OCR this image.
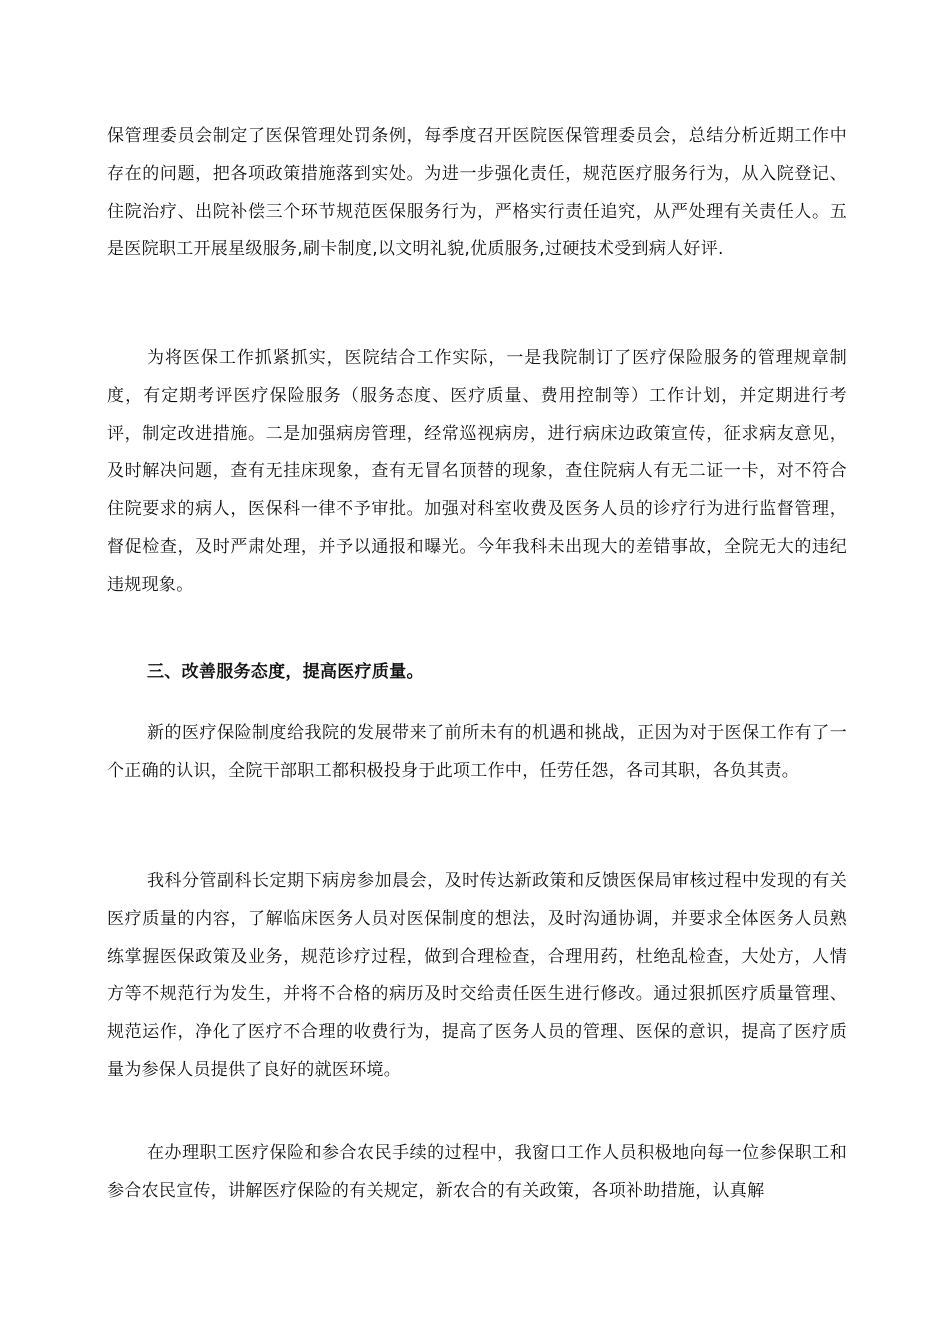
保管理委员会制定了医保管理处罚条例，每季度召开医院医保管理委员会，总结分析近期工作中存在的问题，把各项政策措施落到实处。为进一步强化责任，规范医疗服务行为，从入院登记、住院治疗、出院补偿三个环节规范医保服务行为，严格实行责任追究，从严处理有关责任人。五是医院职工开展星级服务,刷卡制度,以文明礼貌,优质服务,过硬技术受到病人好评.

为将医保工作抓紧抓实，医院结合工作实际，一是我院制订了医疗保险服务的管理规章制度，有定期考评医疗保险服务（服务态度、医疗质量、费用控制等）工作计划，并定期进行考评，制定改进措施。二是加强病房管理，经常巡视病房，进行病床边政策宣传，征求病友意见，及时解决问题，查有无挂床现象，查有无冒名顶替的现象，查住院病人有无二证一卡，对不符合住院要求的病人，医保科一律不予审批。加强对科室收费及医务人员的诊疗行为进行监督管理，督促检查，及时严肃处理，并予以通报和曝光。今年我科未出现大的差错事故，全院无大的违纪违规现象。

三、改善服务态度，提高医疗质量。

新的医疗保险制度给我院的发展带来了前所未有的机遇和挑战，正因为对于医保工作有了一个正确的认识，全院干部职工都积极投身于此项工作中，任劳任怨，各司其职，各负其责。

我科分管副科长定期下病房参加晨会，及时传达新政策和反馈医保局审核过程中发现的有关医疗质量的内容，了解临床医务人员对医保制度的想法，及时沟通协调，并要求全体医务人员熟练掌握医保政策及业务，规范诊疗过程，做到合理检查，合理用药，杜绝乱检查，大处方，人情方等不规范行为发生，并将不合格的病历及时交给责任医生进行修改。通过狠抓医疗质量管理、规范运作，净化了医疗不合理的收费行为，提高了医务人员的管理、医保的意识，提高了医疗质量为参保人员提供了良好的就医环境。

在办理职工医疗保险和参合农民手续的过程中，我窗口工作人员积极地向每一位参保职工和参合农民宣传，讲解医疗保险的有关规定，新农合的有关政策，各项补助措施，认真解
